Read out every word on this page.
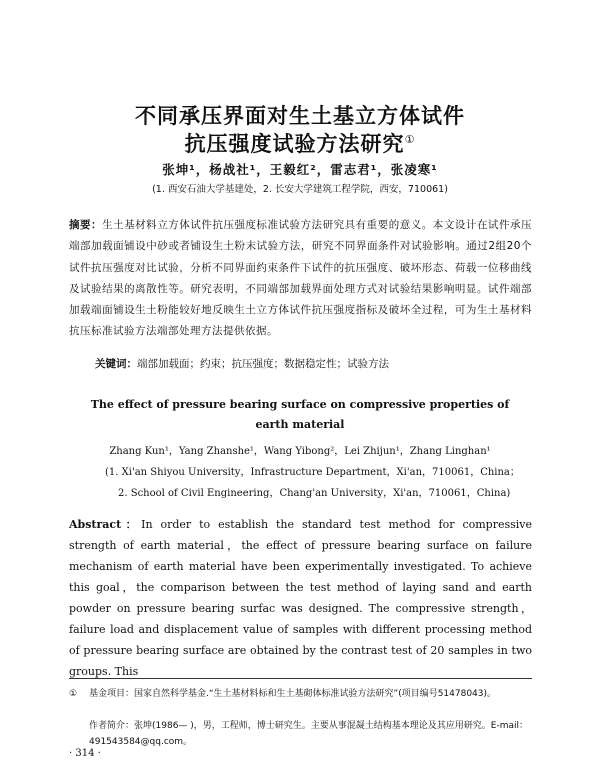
不同承压界面对生土基立方体试件
抗压强度试验方法研究①
张坤¹，杨战社¹，王毅红²，雷志君¹，张凌寒¹
(1. 西安石油大学基建处，2. 长安大学建筑工程学院，西安，710061)
摘要：生土基材料立方体试件抗压强度标准试验方法研究具有重要的意义。本文设计在试件承压端部加载面铺设中砂或者铺设生土粉末试验方法，研究不同界面条件对试验影响。通过2组20个试件抗压强度对比试验，分析不同界面约束条件下试件的抗压强度、破坏形态、荷载一位移曲线及试验结果的离散性等。研究表明，不同端部加载界面处理方式对试验结果影响明显。试件端部加载端面铺设生土粉能较好地反映生土立方体试件抗压强度指标及破坏全过程，可为生土基材料抗压标准试验方法端部处理方法提供依据。
关键词：端部加载面；约束；抗压强度；数据稳定性；试验方法
The effect of pressure bearing surface on compressive properties of
earth material
Zhang Kun¹，Yang Zhanshe¹，Wang Yibong²，Lei Zhijun¹，Zhang Linghan¹
(1. Xi'an Shiyou University，Infrastructure Department，Xi'an，710061，China；
2. School of Civil Engineering，Chang'an University，Xi'an，710061，China)
Abstract：In order to establish the standard test method for compressive strength of earth material，the effect of pressure bearing surface on failure mechanism of earth material have been experimentally investigated. To achieve this goal，the comparison between the test method of laying sand and earth powder on pressure bearing surfac was designed. The compressive strength，failure load and displacement value of samples with different processing method of pressure bearing surface are obtained by the contrast test of 20 samples in two groups. This
① 基金项目：国家自然科学基金.“生土基材料标和生土基砌体标准试验方法研究”(项目编号51478043)。
作者简介：张坤(1986— )，男，工程师，博士研究生。主要从事混凝土结构基本理论及其应用研究。E-mail：491543584@qq.com。
· 314 ·
